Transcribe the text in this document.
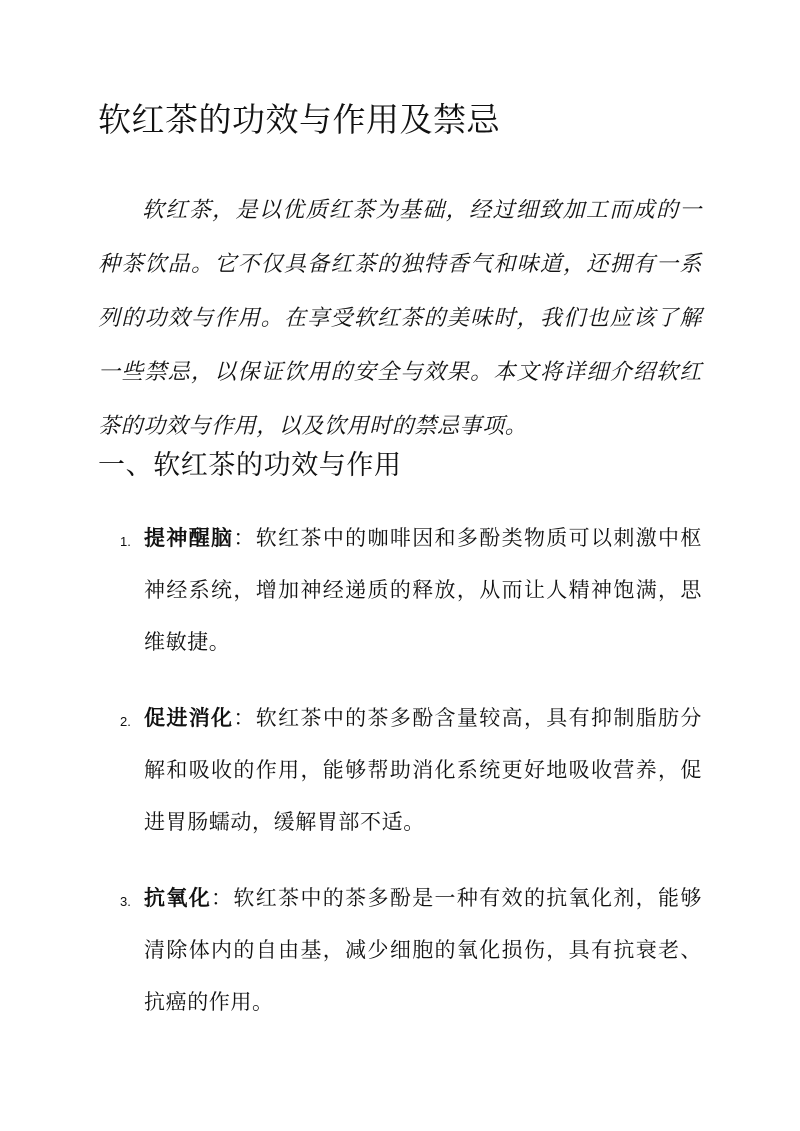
软红茶的功效与作用及禁忌

软红茶，是以优质红茶为基础，经过细致加工而成的一种茶饮品。它不仅具备红茶的独特香气和味道，还拥有一系列的功效与作用。在享受软红茶的美味时，我们也应该了解一些禁忌，以保证饮用的安全与效果。本文将详细介绍软红茶的功效与作用，以及饮用时的禁忌事项。

一、软红茶的功效与作用
1. 提神醒脑：软红茶中的咖啡因和多酚类物质可以刺激中枢神经系统，增加神经递质的释放，从而让人精神饱满，思维敏捷。
2. 促进消化：软红茶中的茶多酚含量较高，具有抑制脂肪分解和吸收的作用，能够帮助消化系统更好地吸收营养，促进胃肠蠕动，缓解胃部不适。
3. 抗氧化：软红茶中的茶多酚是一种有效的抗氧化剂，能够清除体内的自由基，减少细胞的氧化损伤，具有抗衰老、抗癌的作用。
